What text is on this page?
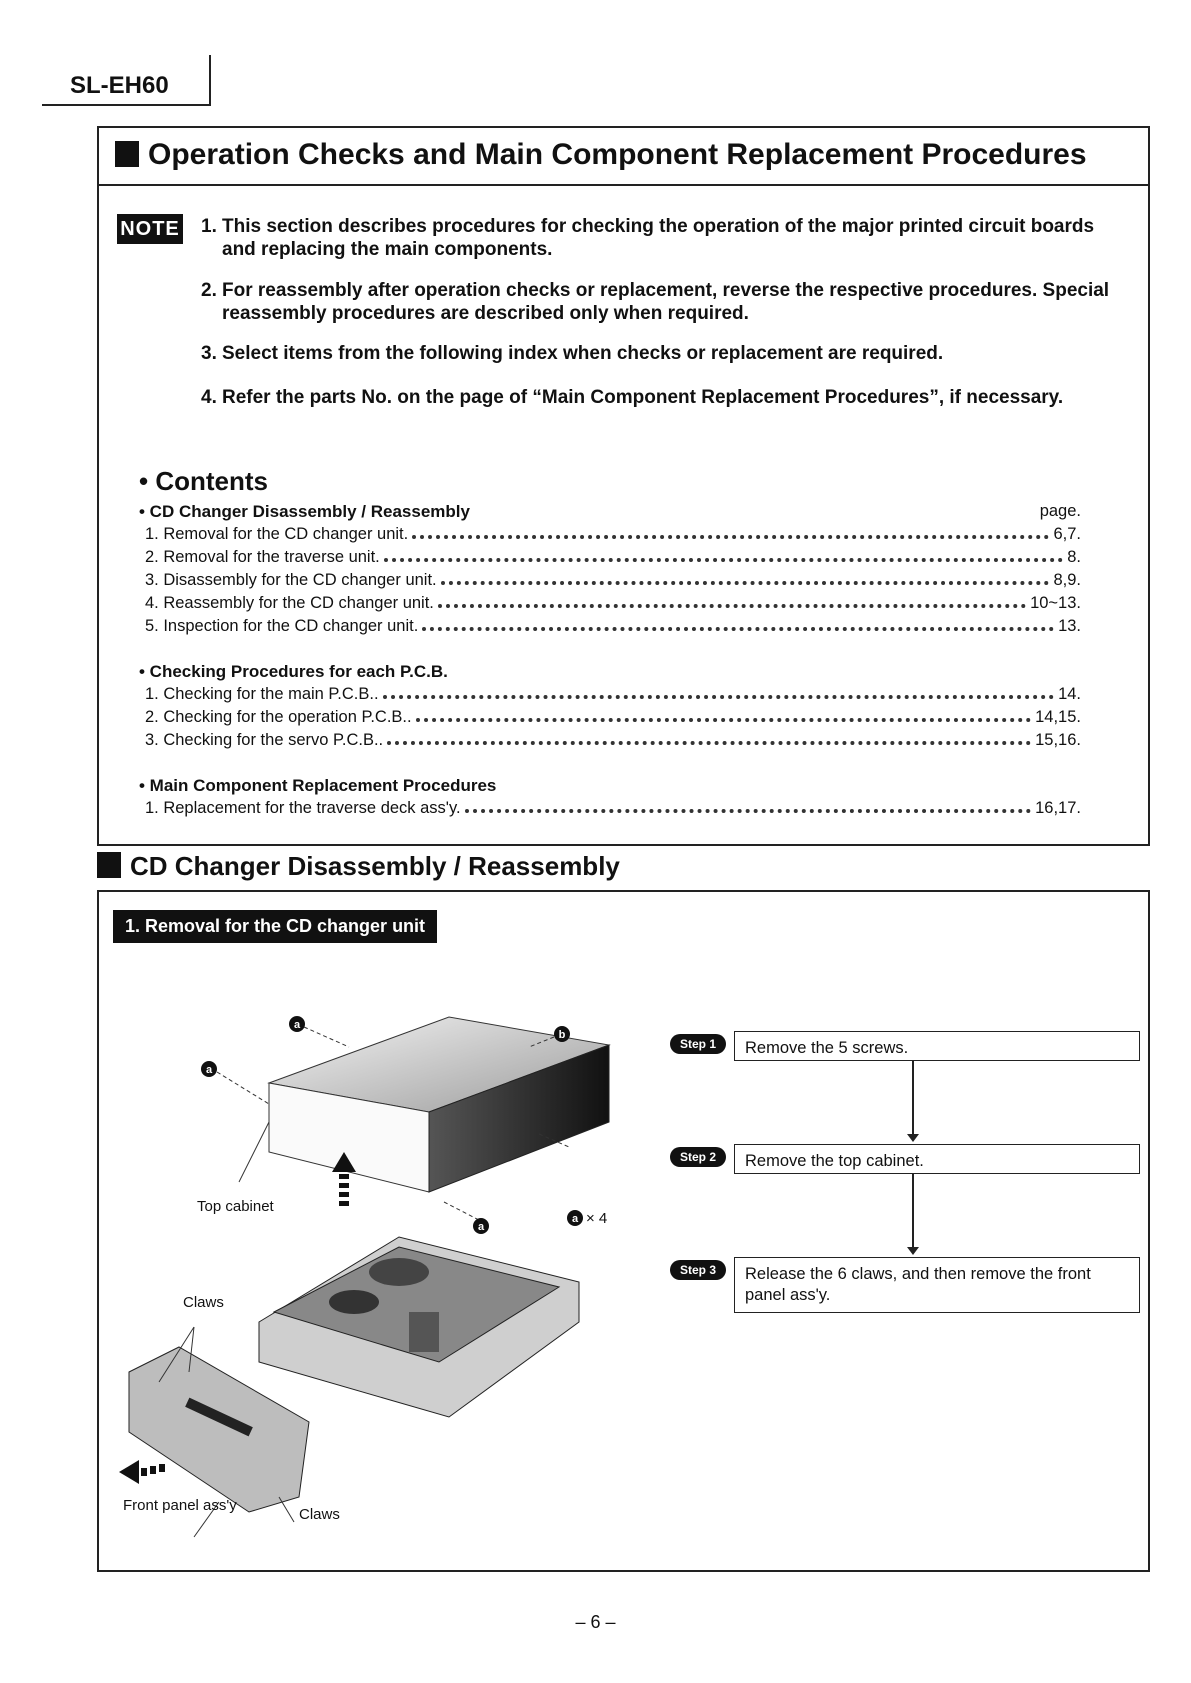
SL-EH60
Operation Checks and Main Component Replacement Procedures
NOTE 1. This section describes procedures for checking the operation of the major printed circuit boards and replacing the main components.
2. For reassembly after operation checks or replacement, reverse the respective procedures. Special reassembly procedures are described only when required.
3. Select items from the following index when checks or replacement are required.
4. Refer the parts No. on the page of “Main Component Replacement Procedures”, if necessary.
• Contents
page.
• CD Changer Disassembly / Reassembly
1. Removal for the CD changer unit.	6,7.
2. Removal for the traverse unit.	8.
3. Disassembly for the CD changer unit.	8,9.
4. Reassembly for the CD changer unit.	10~13.
5. Inspection for the CD changer unit.	13.
• Checking Procedures for each P.C.B.
1. Checking for the main P.C.B..	14.
2. Checking for the operation P.C.B..	14,15.
3. Checking for the servo P.C.B..	15,16.
• Main Component Replacement Procedures
1. Replacement for the traverse deck ass'y.	16,17.
CD Changer Disassembly / Reassembly
1. Removal for the CD changer unit
a
a
b
a
a	× 4
Top cabinet
Claws
Front panel ass'y
Claws
Step 1	Remove the 5 screws.
Step 2	Remove the top cabinet.
Step 3	Release the 6 claws, and then remove the front panel ass'y.
– 6 –
